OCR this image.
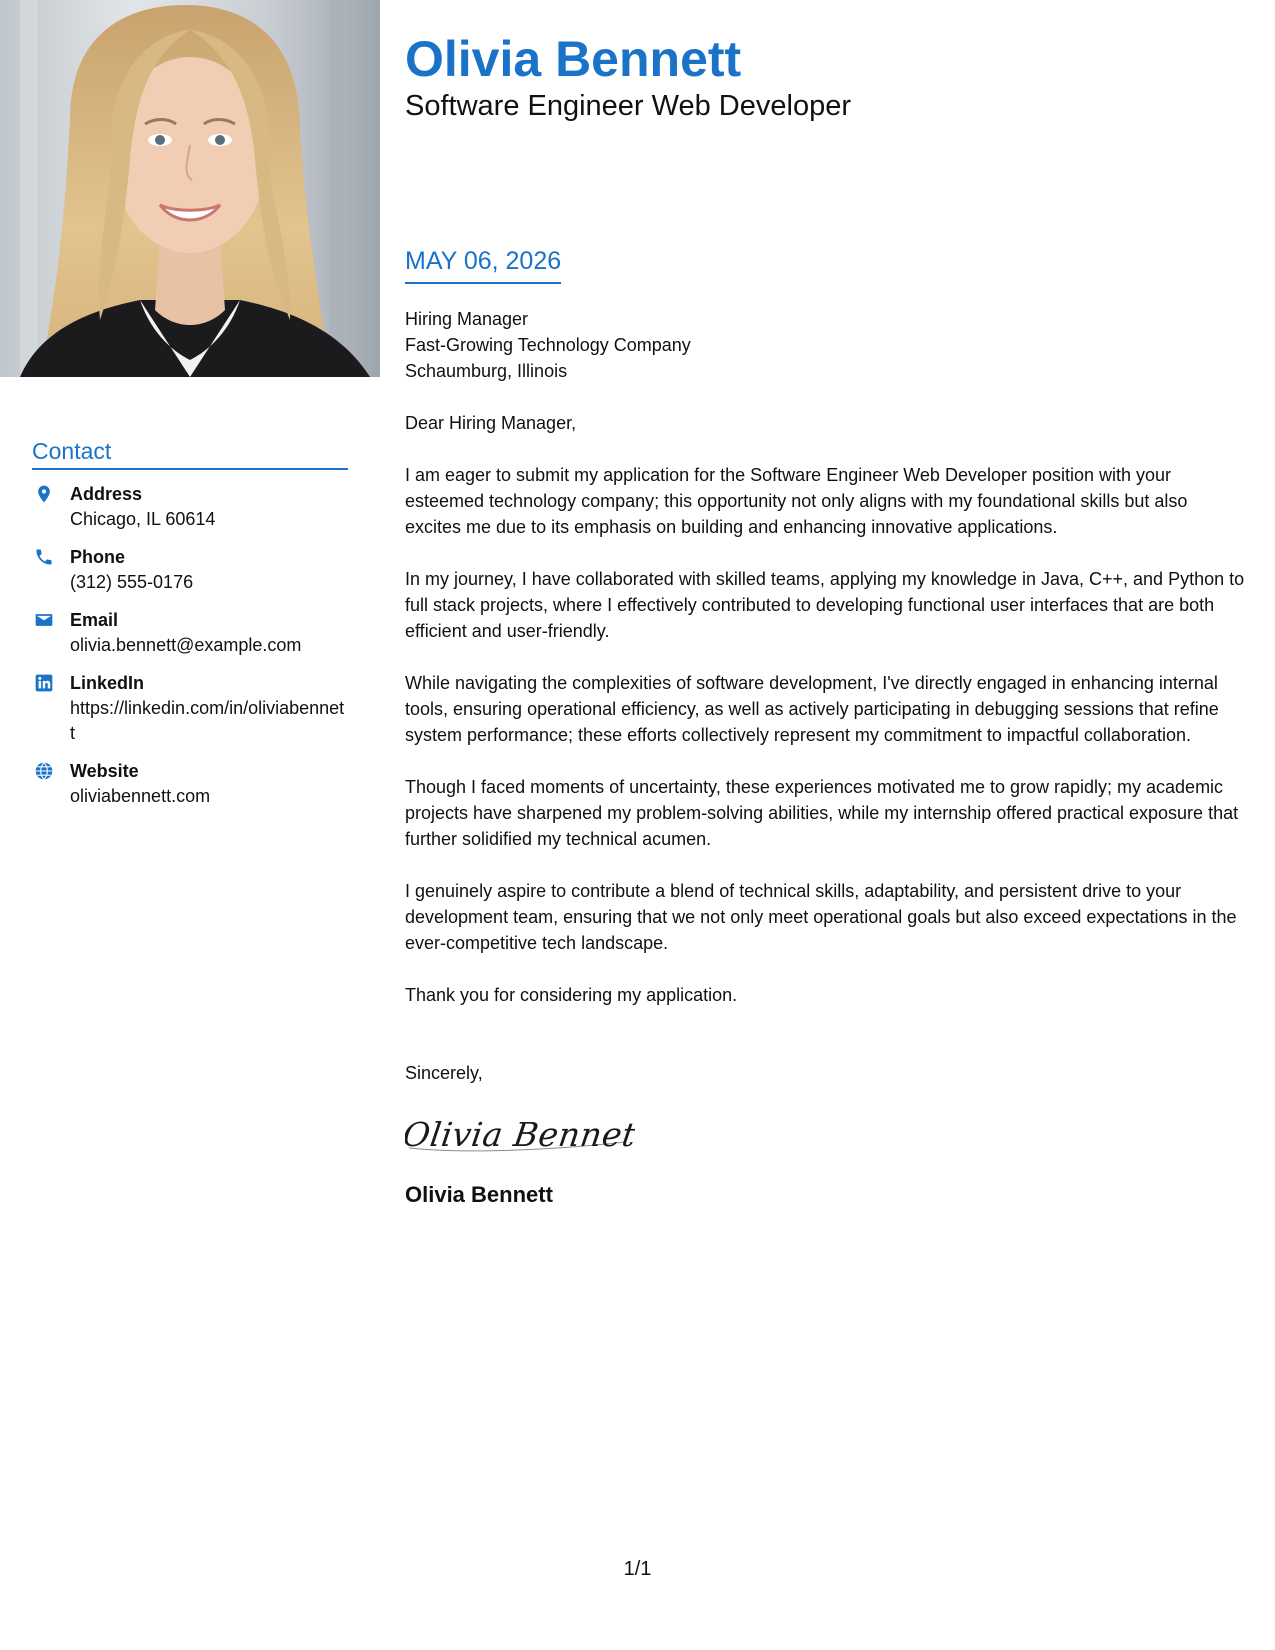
Contact
Address
Chicago, IL 60614
Phone
(312) 555-0176
Email
olivia.bennett@example.com
LinkedIn
https://linkedin.com/in/oliviabennett
Website
oliviabennett.com
Olivia Bennett
Software Engineer Web Developer
MAY 06, 2026
Hiring Manager
Fast-Growing Technology Company
Schaumburg, Illinois

Dear Hiring Manager,

I am eager to submit my application for the Software Engineer Web Developer position with your esteemed technology company; this opportunity not only aligns with my foundational skills but also excites me due to its emphasis on building and enhancing innovative applications.

In my journey, I have collaborated with skilled teams, applying my knowledge in Java, C++, and Python to full stack projects, where I effectively contributed to developing functional user interfaces that are both efficient and user-friendly.

While navigating the complexities of software development, I've directly engaged in enhancing internal tools, ensuring operational efficiency, as well as actively participating in debugging sessions that refine system performance; these efforts collectively represent my commitment to impactful collaboration.

Though I faced moments of uncertainty, these experiences motivated me to grow rapidly; my academic projects have sharpened my problem-solving abilities, while my internship offered practical exposure that further solidified my technical acumen.

I genuinely aspire to contribute a blend of technical skills, adaptability, and persistent drive to your development team, ensuring that we not only meet operational goals but also exceed expectations in the ever-competitive tech landscape.

Thank you for considering my application.

Sincerely,
Olivia Bennett
Olivia Bennett
1/1
